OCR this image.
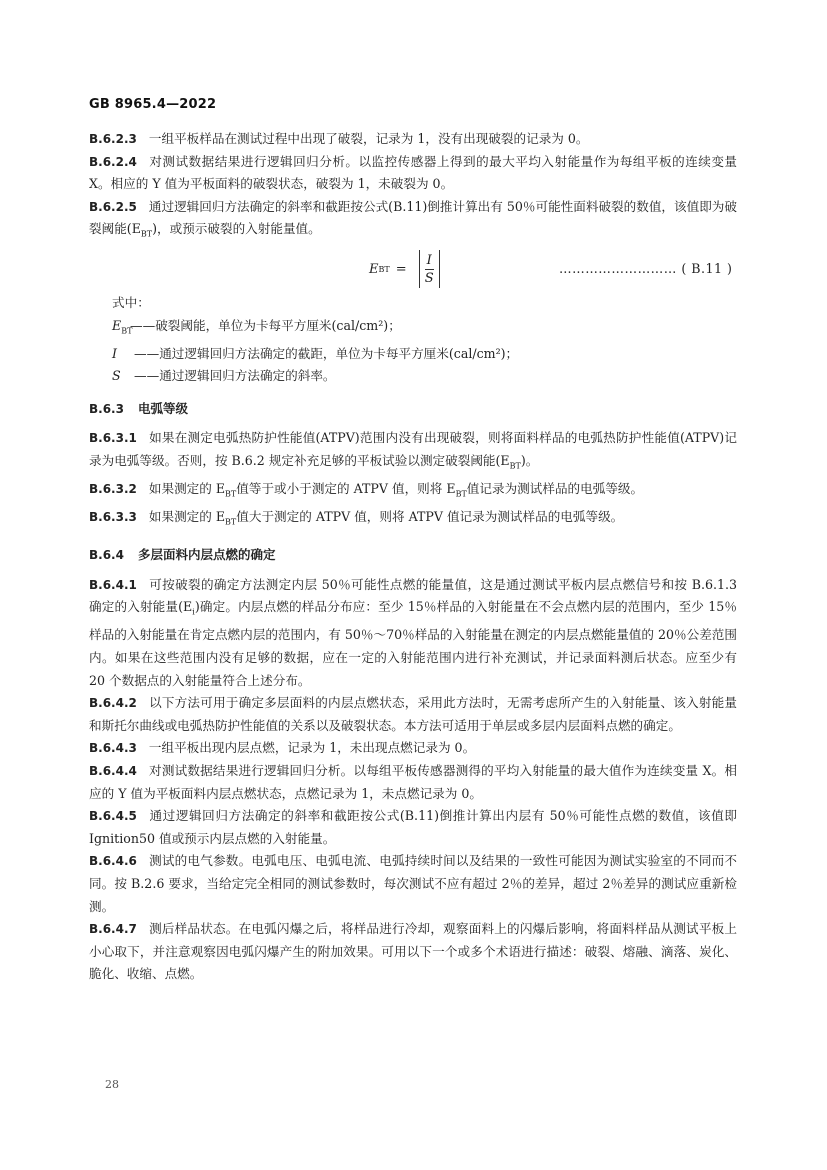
GB 8965.4—2022

B.6.2.3 一组平板样品在测试过程中出现了破裂，记录为 1，没有出现破裂的记录为 0。

B.6.2.4 对测试数据结果进行逻辑回归分析。以监控传感器上得到的最大平均入射能量作为每组平板的连续变量 X。相应的 Y 值为平板面料的破裂状态，破裂为 1，未破裂为 0。

B.6.2.5 通过逻辑回归方法确定的斜率和截距按公式(B.11)倒推计算出有 50％可能性面料破裂的数值，该值即为破裂阈能$(E_{BT})$，或预示破裂的入射能量值。

E BT = $\frac{I}{S}$	……………………… ( B.11 )
式中：
$E_{BT}——$破裂阈能，单位为卡每平方厘米(cal/cm²)；
I ——通过逻辑回归方法确定的截距，单位为卡每平方厘米(cal/cm²)；
S ——通过逻辑回归方法确定的斜率。
B.6.3 电弧等级

B.6.3.1 如果在测定电弧热防护性能值(ATPV)范围内没有出现破裂，则将面料样品的电弧热防护性能值(ATPV)记录为电弧等级。否则，按 B.6.2 规定补充足够的平板试验以测定破裂阈能$(E_{BT})$。

B.6.3.2 如果测定的 $E_{BT}$值等于或小于测定的 ATPV 值，则将 $E_{BT}$值记录为测试样品的电弧等级。

B.6.3.3 如果测定的 $E_{BT}$值大于测定的 ATPV 值，则将 ATPV 值记录为测试样品的电弧等级。

B.6.4 多层面料内层点燃的确定

B.6.4.1 可按破裂的确定方法测定内层 50％可能性点燃的能量值，这是通过测试平板内层点燃信号和按 B.6.1.3 确定的入射能量$(E_i)$确定。内层点燃的样品分布应：至少 15％样品的入射能量在不会点燃内层的范围内，至少 15％样品的入射能量在肯定点燃内层的范围内，有 50％～70％样品的入射能量在测定的内层点燃能量值的 20％公差范围内。如果在这些范围内没有足够的数据，应在一定的入射能范围内进行补充测试，并记录面料测后状态。应至少有 20 个数据点的入射能量符合上述分布。

B.6.4.2 以下方法可用于确定多层面料的内层点燃状态，采用此方法时，无需考虑所产生的入射能量、该入射能量和斯托尔曲线或电弧热防护性能值的关系以及破裂状态。本方法可适用于单层或多层内层面料点燃的确定。

B.6.4.3 一组平板出现内层点燃，记录为 1，未出现点燃记录为 0。

B.6.4.4 对测试数据结果进行逻辑回归分析。以每组平板传感器测得的平均入射能量的最大值作为连续变量 X。相应的 Y 值为平板面料内层点燃状态，点燃记录为 1，未点燃记录为 0。

B.6.4.5 通过逻辑回归方法确定的斜率和截距按公式(B.11)倒推计算出内层有 50％可能性点燃的数值，该值即 Ignition50 值或预示内层点燃的入射能量。

B.6.4.6 测试的电气参数。电弧电压、电弧电流、电弧持续时间以及结果的一致性可能因为测试实验室的不同而不同。按 B.2.6 要求，当给定完全相同的测试参数时，每次测试不应有超过 2％的差异，超过 2％差异的测试应重新检测。

B.6.4.7 测后样品状态。在电弧闪爆之后，将样品进行冷却，观察面料上的闪爆后影响，将面料样品从测试平板上小心取下，并注意观察因电弧闪爆产生的附加效果。可用以下一个或多个术语进行描述：破裂、熔融、滴落、炭化、脆化、收缩、点燃。

28
